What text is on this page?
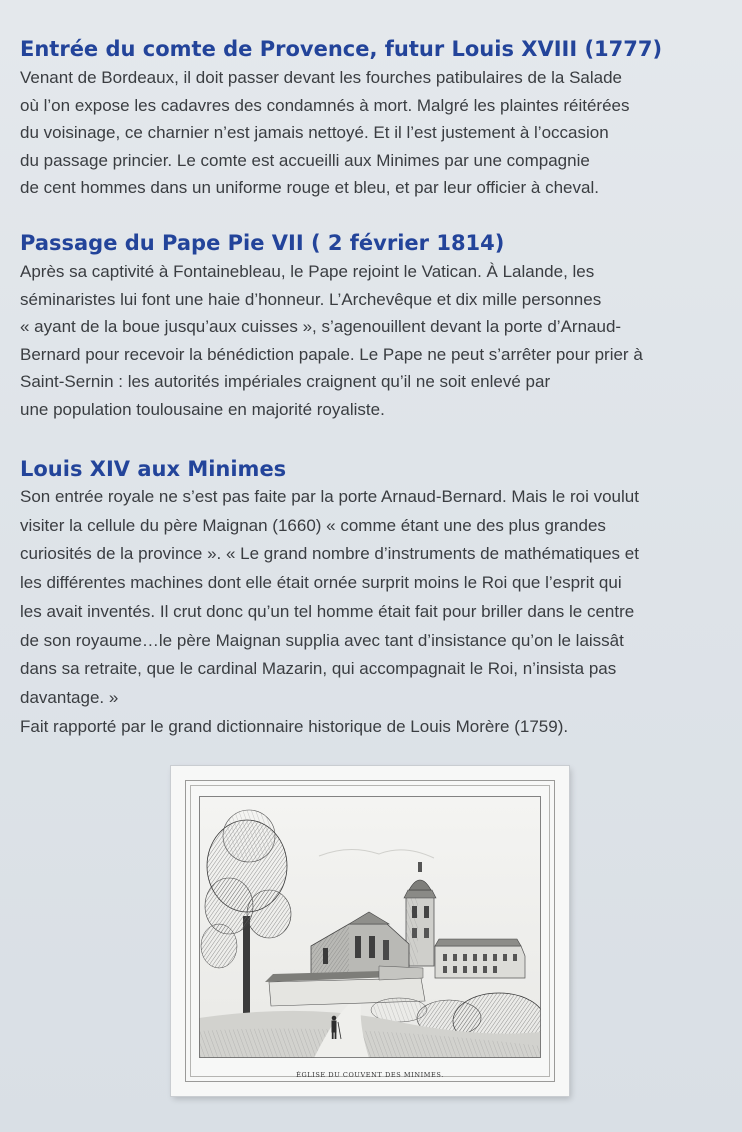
Entrée du comte de Provence, futur Louis XVIII (1777)
Venant de Bordeaux, il doit passer devant les fourches patibulaires de la Salade
où l’on expose les cadavres des condamnés à mort. Malgré les plaintes réitérées
du voisinage, ce charnier n’est jamais nettoyé. Et il l’est justement à l’occasion
du passage princier. Le comte est accueilli aux Minimes par une compagnie
de cent hommes dans un uniforme rouge et bleu, et par leur officier à cheval.
Passage du Pape Pie VII ( 2 février 1814)
Après sa captivité à Fontainebleau, le Pape rejoint le Vatican. À Lalande, les
séminaristes lui font une haie d’honneur. L’Archevêque et dix mille personnes
« ayant de la boue jusqu’aux cuisses », s’agenouillent devant la porte d’Arnaud-
Bernard pour recevoir la bénédiction papale. Le Pape ne peut s’arrêter pour prier à
Saint-Sernin : les autorités impériales craignent qu’il ne soit enlevé par
une population toulousaine en majorité royaliste.
Louis XIV aux Minimes
Son entrée royale ne s’est pas faite par la porte Arnaud-Bernard. Mais le roi voulut
visiter la cellule du père Maignan (1660) « comme étant une des plus grandes
curiosités de la province ». « Le grand nombre d’instruments de mathématiques et
les différentes machines dont elle était ornée surprit moins le Roi que l’esprit qui
les avait inventés. Il crut donc qu’un tel homme était fait pour briller dans le centre
de son royaume…le père Maignan supplia avec tant d’insistance qu’on le laissât
dans sa retraite, que le cardinal Mazarin, qui accompagnait le Roi, n’insista pas
davantage. »
Fait rapporté par le grand dictionnaire historique de Louis Morère (1759).
ÉGLISE DU COUVENT DES MINIMES.
